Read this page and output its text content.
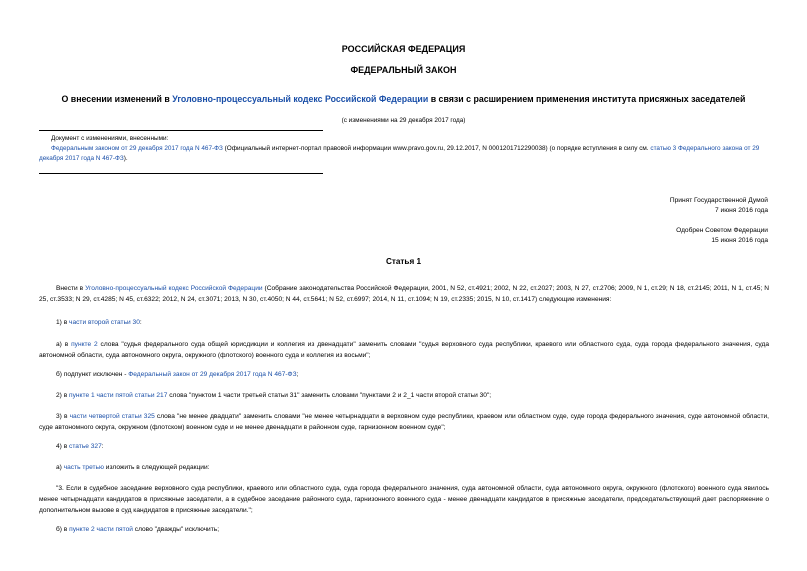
РОССИЙСКАЯ ФЕДЕРАЦИЯ
ФЕДЕРАЛЬНЫЙ ЗАКОН
О внесении изменений в Уголовно-процессуальный кодекс Российской Федерации в связи с расширением применения института присяжных заседателей
(с изменениями на 29 декабря 2017 года)

Документ с изменениями, внесенными:

Федеральным законом от 29 декабря 2017 года N 467-ФЗ (Официальный интернет-портал правовой информации www.pravo.gov.ru, 29.12.2017, N 0001201712290038) (о порядке вступления в силу см. статью 3 Федерального закона от 29 декабря 2017 года N 467-ФЗ).

Принят Государственной Думой
7 июня 2016 года
Одобрен Советом Федерации
15 июня 2016 года
Статья 1
Внести в Уголовно-процессуальный кодекс Российской Федерации (Собрание законодательства Российской Федерации, 2001, N 52, ст.4921; 2002, N 22, ст.2027; 2003, N 27, ст.2706; 2009, N 1, ст.29; N 18, ст.2145; 2011, N 1, ст.45; N 25, ст.3533; N 29, ст.4285; N 45, ст.6322; 2012, N 24, ст.3071; 2013, N 30, ст.4050; N 44, ст.5641; N 52, ст.6997; 2014, N 11, ст.1094; N 19, ст.2335; 2015, N 10, ст.1417) следующие изменения:
1) в части второй статьи 30:
а) в пункте 2 слова "судья федерального суда общей юрисдикции и коллегия из двенадцати" заменить словами "судья верховного суда республики, краевого или областного суда, суда города федерального значения, суда автономной области, суда автономного округа, окружного (флотского) военного суда и коллегия из восьми";
б) подпункт исключен - Федеральный закон от 29 декабря 2017 года N 467-ФЗ;
2) в пункте 1 части пятой статьи 217 слова "пунктом 1 части третьей статьи 31" заменить словами "пунктами 2 и 2_1 части второй статьи 30";
3) в части четвертой статьи 325 слова "не менее двадцати" заменить словами "не менее четырнадцати в верховном суде республики, краевом или областном суде, суде города федерального значения, суде автономной области, суде автономного округа, окружном (флотском) военном суде и не менее двенадцати в районном суде, гарнизонном военном суде";
4) в статье 327:
а) часть третью изложить в следующей редакции:
"3. Если в судебное заседание верховного суда республики, краевого или областного суда, суда города федерального значения, суда автономной области, суда автономного округа, окружного (флотского) военного суда явилось менее четырнадцати кандидатов в присяжные заседатели, а в судебное заседание районного суда, гарнизонного военного суда - менее двенадцати кандидатов в присяжные заседатели, председательствующий дает распоряжение о дополнительном вызове в суд кандидатов в присяжные заседатели.";
б) в пункте 2 части пятой слово "дважды" исключить;
